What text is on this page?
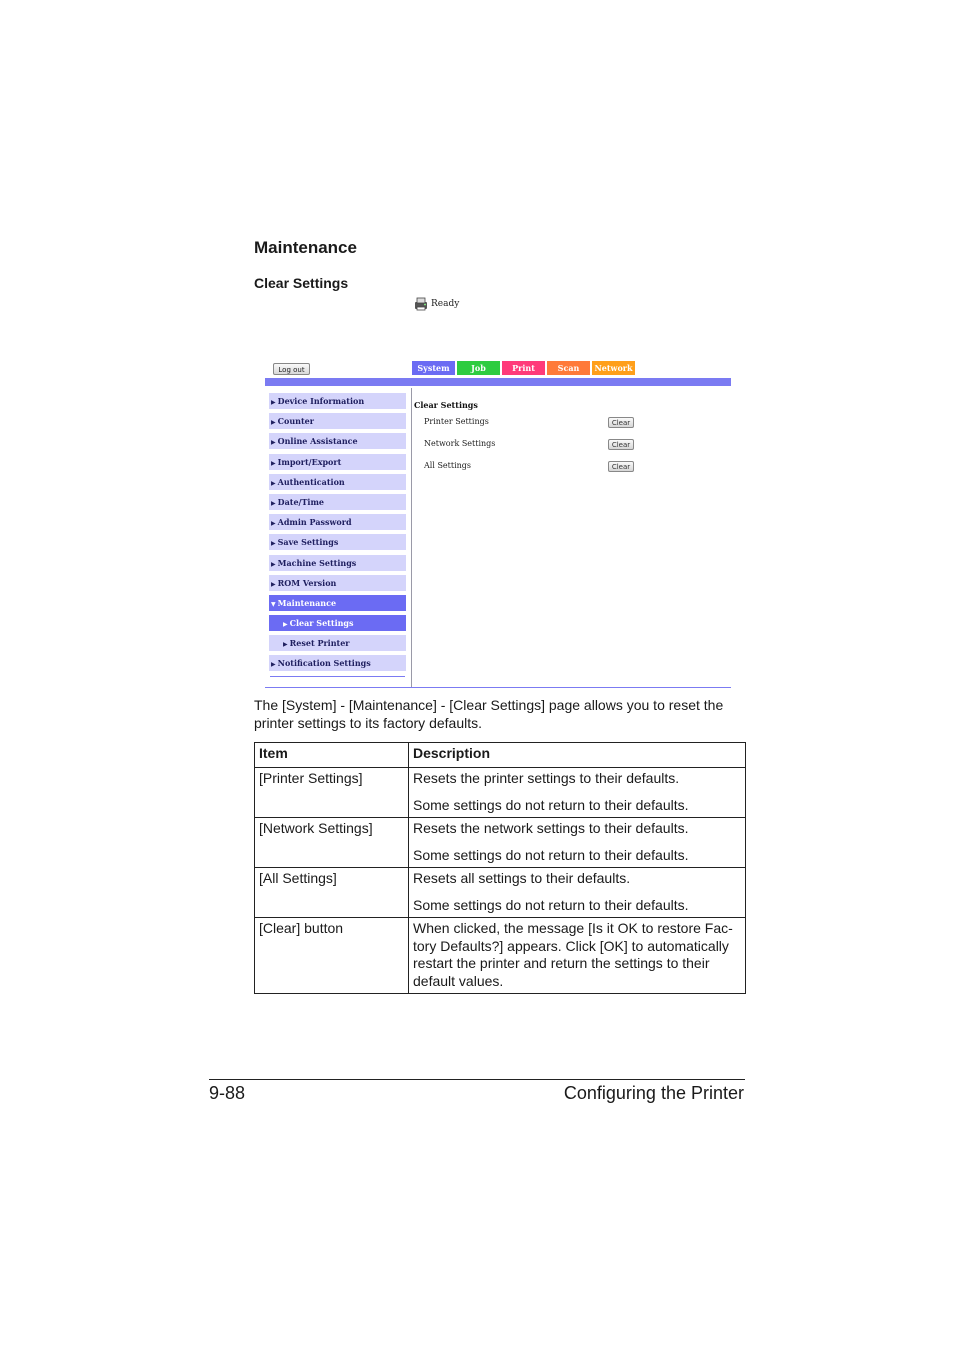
Maintenance
Clear Settings
Ready
Log out	System	Job	Print	Scan	Network
▶ Device Information
▶ Counter
▶ Online Assistance
▶ Import/Export
▶ Authentication
▶ Date/Time
▶ Admin Password
▶ Save Settings
▶ Machine Settings
▶ ROM Version
▼ Maintenance
▶ Clear Settings
▶ Reset Printer
▶ Notification Settings
Clear Settings
Printer Settings	Clear
Network Settings	Clear
All Settings	Clear
The [System] - [Maintenance] - [Clear Settings] page allows you to reset the printer settings to its factory defaults.
Item	Description
[Printer Settings]	Resets the printer settings to their defaults.

Some settings do not return to their defaults.

[Network Settings]	Resets the network settings to their defaults.

Some settings do not return to their defaults.

[All Settings]	Resets all settings to their defaults.

Some settings do not return to their defaults.

[Clear] button	When clicked, the message [Is it OK to restore Fac-tory Defaults?] appears. Click [OK] to automatically restart the printer and return the settings to their default values.

9-88	Configuring the Printer
